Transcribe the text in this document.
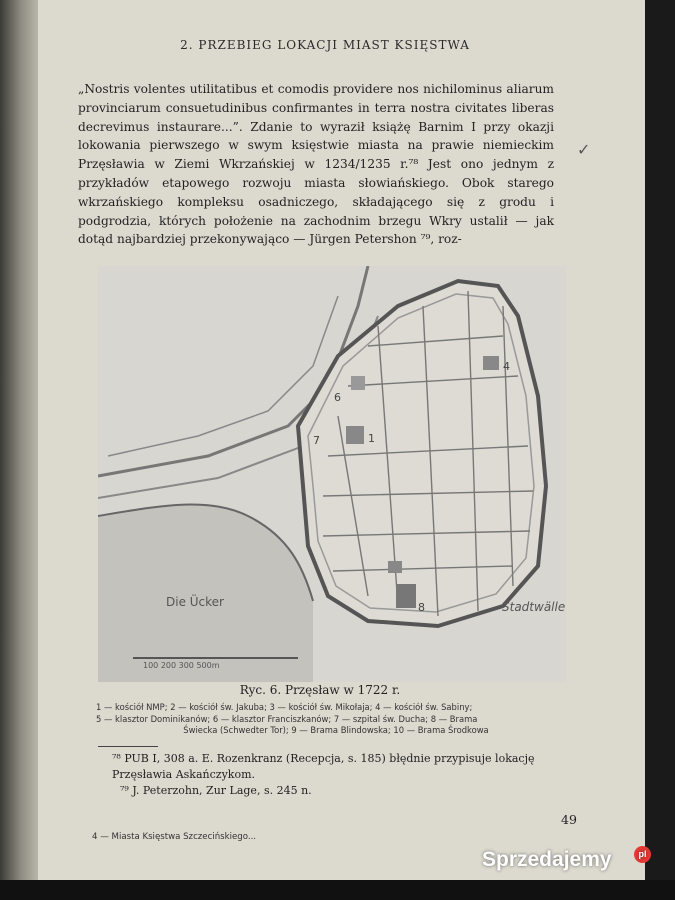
2. PRZEBIEG LOKACJI MIAST KSIĘSTWA

„Nostris volentes utilitatibus et comodis providere nos nichilominus aliarum provinciarum consuetudinibus confirmantes in terra nostra civitates liberas decrevimus instaurare...”. Zdanie to wyraził książę Barnim I przy okazji lokowania pierwszego w swym księstwie miasta na prawie niemieckim Przęsławia w Ziemi Wkrzańskiej w 1234/1235 r.⁷⁸ Jest ono jednym z przykładów etapowego rozwoju miasta słowiańskiego. Obok starego wkrzańskiego kompleksu osadniczego, składającego się z grodu i podgrodzia, których położenie na zachodnim brzegu Wkry ustalił — jak dotąd najbardziej przekonywająco — Jürgen Petershon ⁷⁹, roz-

✓
6
7
8
1
4
Die Ücker	Stadtwälle
100 200 300 500m
Ryc. 6. Przęsław w 1722 r.
1 — kościół NMP; 2 — kościół św. Jakuba; 3 — kościół św. Mikołaja; 4 — kościół św. Sabiny;
5 — klasztor Dominikanów; 6 — klasztor Franciszkanów; 7 — szpital św. Ducha; 8 — Brama
Świecka (Schwedter Tor); 9 — Brama Blindowska; 10 — Brama Środkowa

⁷⁸ PUB I, 308 a. E. Rozenkranz (Recepcja, s. 185) błędnie przypisuje lokację Przęsławia Askańczykom.

⁷⁹ J. Peterzohn, Zur Lage, s. 245 n.

49
4 — Miasta Księstwa Szczecińskiego...
Sprzedajemy	pl
